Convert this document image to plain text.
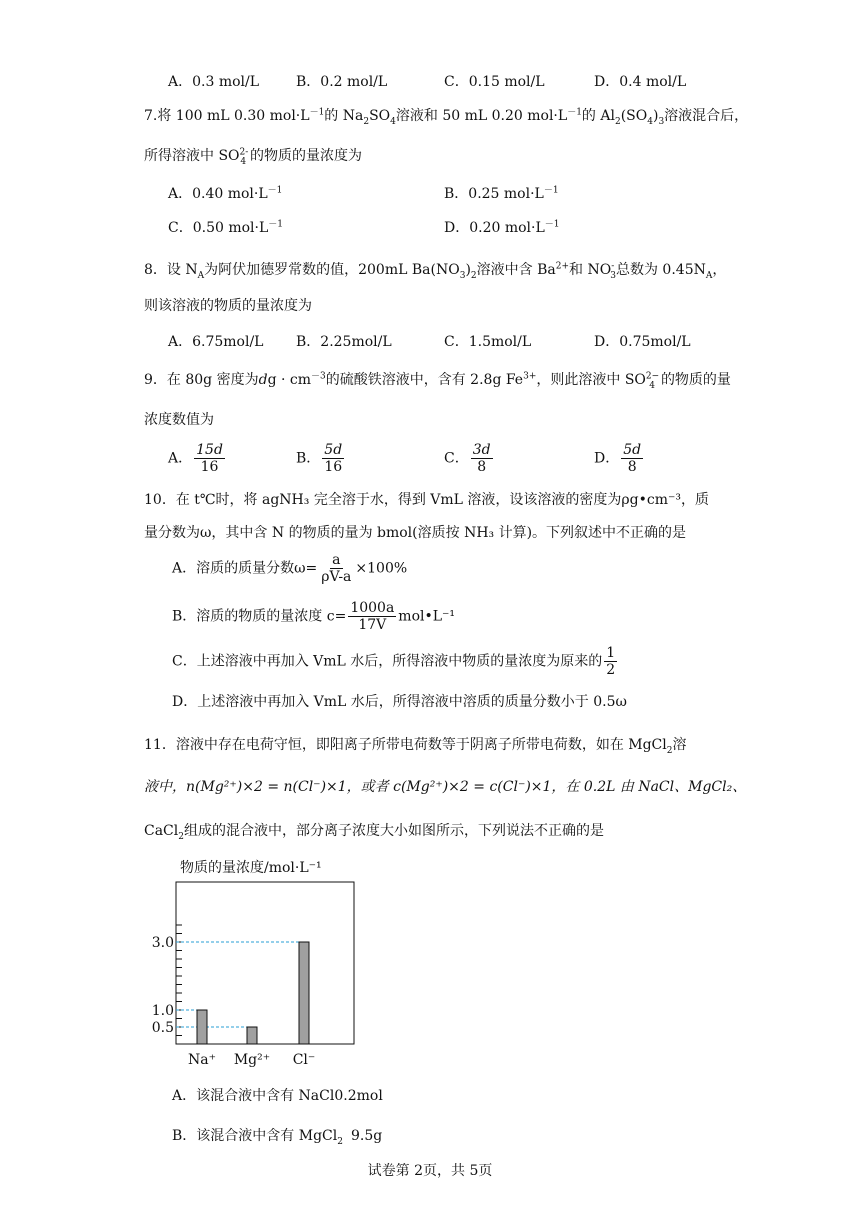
A．0.3 mol/L	B．0.2 mol/L	C．0.15 mol/L	D．0.4 mol/L
7.将 100 mL 0.30 $mol\cdot L^{-1}$的 $Na_2SO_4$溶液和 50 mL 0.20 $mol\cdot L^{-1}$的 $Al_2(SO_4)_3$溶液混合后，
所得溶液中 $SO^{2-}_4$ 的物质的量浓度为
A．0.40 $mol\cdot L^{-1}$	B．0.25 $mol\cdot L^{-1}$
C．0.50 $mol\cdot L^{-1}$	D．0.20 $mol\cdot L^{-1}$
8．设 $N_A$为阿伏加德罗常数的值，200mL $Ba(NO_3)_2$溶液中含 $Ba^{2+}$和 $NO^-_3$总数为 $0.45N_A$，
则该溶液的物质的量浓度为
A．6.75mol/L B．2.25mol/L	C．1.5mol/L	D．0.75mol/L
9．在 80g 密度为dg · $cm^{-3}$的硫酸铁溶液中，含有 2.8g $Fe^{3+}$，则此溶液中 $SO^{2-}_4$ 的物质的量
浓度数值为
A． $\frac{15d}{16}$	B． $\frac{5d}{16}$	C． $\frac{3d}{8}$	D． $\frac{5d}{8}$
10．在 t℃时，将 agNH₃ 完全溶于水，得到 VmL 溶液，设该溶液的密度为ρg•cm⁻³，质
量分数为ω，其中含 N 的物质的量为 bmol(溶质按 NH₃ 计算)。下列叙述中不正确的是
A．溶质的质量分数$\omega= \frac{a}{\rho V-a} \times 100\%$
B．溶质的物质的量浓度 $c= \frac{1000a}{17V}$ mol•L⁻¹
C．上述溶液中再加入 VmL 水后，所得溶液中物质的量浓度为原来的 $\frac{1}{2}$
D．上述溶液中再加入 VmL 水后，所得溶液中溶质的质量分数小于 0.5ω
11．溶液中存在电荷守恒，即阳离子所带电荷数等于阴离子所带电荷数，如在 MgCl$_2$溶
液中，n(Mg²⁺)×2 = n(Cl⁻)×1，或者 c(Mg²⁺)×2 = c(Cl⁻)×1，在 0.2L 由 NaCl、MgCl₂、
CaCl$_2$组成的混合液中，部分离子浓度大小如图所示，下列说法不正确的是
物质的量浓度/mol·L⁻¹
3.0
1.0
0.5
Na⁺ Mg²⁺ Cl⁻
A．该混合液中含有 NaCl0.2mol
B．该混合液中含有 MgCl$_2$ 9.5g
试卷第 2页，共 5页
